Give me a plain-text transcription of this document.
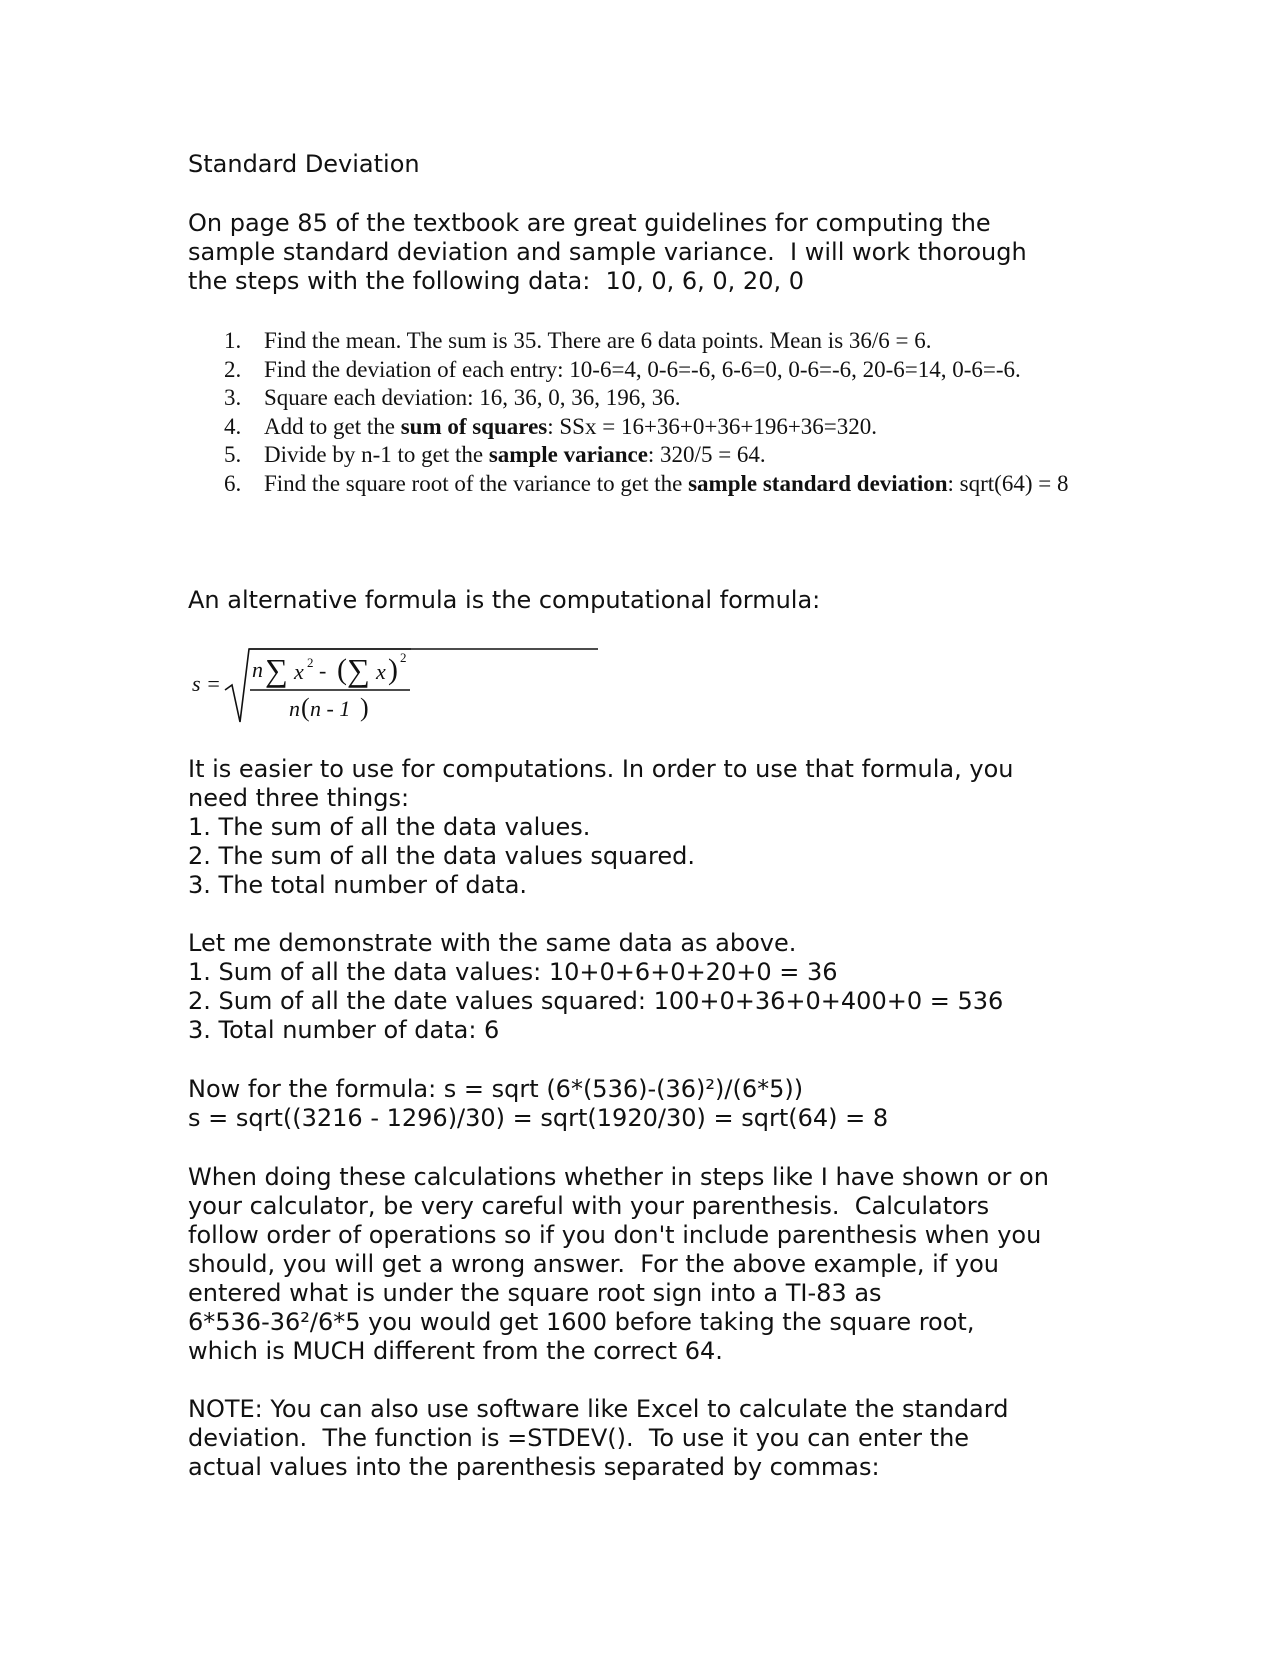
Standard Deviation
On page 85 of the textbook are great guidelines for computing the
sample standard deviation and sample variance.  I will work thorough
the steps with the following data:  10, 0, 6, 0, 20, 0
1. Find the mean. The sum is 35. There are 6 data points. Mean is 36/6 = 6.
2. Find the deviation of each entry: 10-6=4, 0-6=-6, 6-6=0, 0-6=-6, 20-6=14, 0-6=-6.
3. Square each deviation: 16, 36, 0, 36, 196, 36.
4. Add to get the sum of squares: SSx = 16+36+0+36+196+36=320.
5. Divide by n-1 to get the sample variance: 320/5 = 64.
6. Find the square root of the variance to get the sample standard deviation: sqrt(64) = 8
An alternative formula is the computational formula:
s =
n ∑ x 2 - ( ∑ x ) 2
n ( n - 1 )
It is easier to use for computations. In order to use that formula, you
need three things:
1. The sum of all the data values.
2. The sum of all the data values squared.
3. The total number of data.
Let me demonstrate with the same data as above.
1. Sum of all the data values: 10+0+6+0+20+0 = 36
2. Sum of all the date values squared: 100+0+36+0+400+0 = 536
3. Total number of data: 6
Now for the formula: s = sqrt (6*(536)-(36)²)/(6*5))
s = sqrt((3216 - 1296)/30) = sqrt(1920/30) = sqrt(64) = 8
When doing these calculations whether in steps like I have shown or on
your calculator, be very careful with your parenthesis.  Calculators
follow order of operations so if you don't include parenthesis when you
should, you will get a wrong answer.  For the above example, if you
entered what is under the square root sign into a TI-83 as
6*536-36²/6*5 you would get 1600 before taking the square root,
which is MUCH different from the correct 64.
NOTE: You can also use software like Excel to calculate the standard
deviation.  The function is =STDEV().  To use it you can enter the
actual values into the parenthesis separated by commas:
